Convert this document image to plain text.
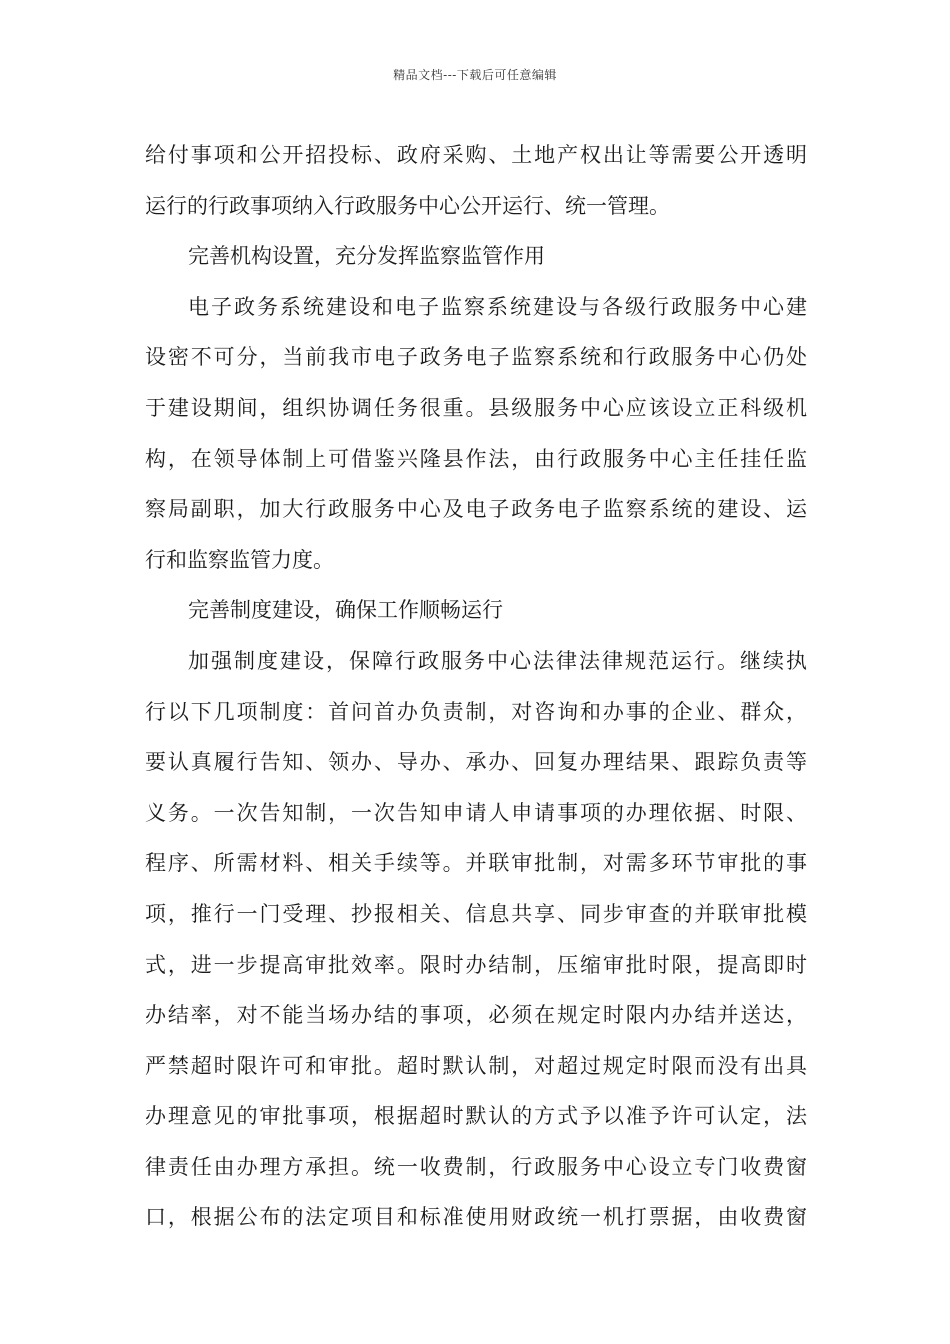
精品文档---下载后可任意编辑
给付事项和公开招投标、政府采购、土地产权出让等需要公开透明
运行的行政事项纳入行政服务中心公开运行、统一管理。
完善机构设置，充分发挥监察监管作用
电子政务系统建设和电子监察系统建设与各级行政服务中心建
设密不可分，当前我市电子政务电子监察系统和行政服务中心仍处
于建设期间，组织协调任务很重。县级服务中心应该设立正科级机
构，在领导体制上可借鉴兴隆县作法，由行政服务中心主任挂任监
察局副职，加大行政服务中心及电子政务电子监察系统的建设、运
行和监察监管力度。
完善制度建设，确保工作顺畅运行
加强制度建设，保障行政服务中心法律法律规范运行。继续执
行以下几项制度：首问首办负责制，对咨询和办事的企业、群众，
要认真履行告知、领办、导办、承办、回复办理结果、跟踪负责等
义务。一次告知制，一次告知申请人申请事项的办理依据、时限、
程序、所需材料、相关手续等。并联审批制，对需多环节审批的事
项，推行一门受理、抄报相关、信息共享、同步审查的并联审批模
式，进一步提高审批效率。限时办结制，压缩审批时限，提高即时
办结率，对不能当场办结的事项，必须在规定时限内办结并送达，
严禁超时限许可和审批。超时默认制，对超过规定时限而没有出具
办理意见的审批事项，根据超时默认的方式予以准予许可认定，法
律责任由办理方承担。统一收费制，行政服务中心设立专门收费窗
口，根据公布的法定项目和标准使用财政统一机打票据，由收费窗
